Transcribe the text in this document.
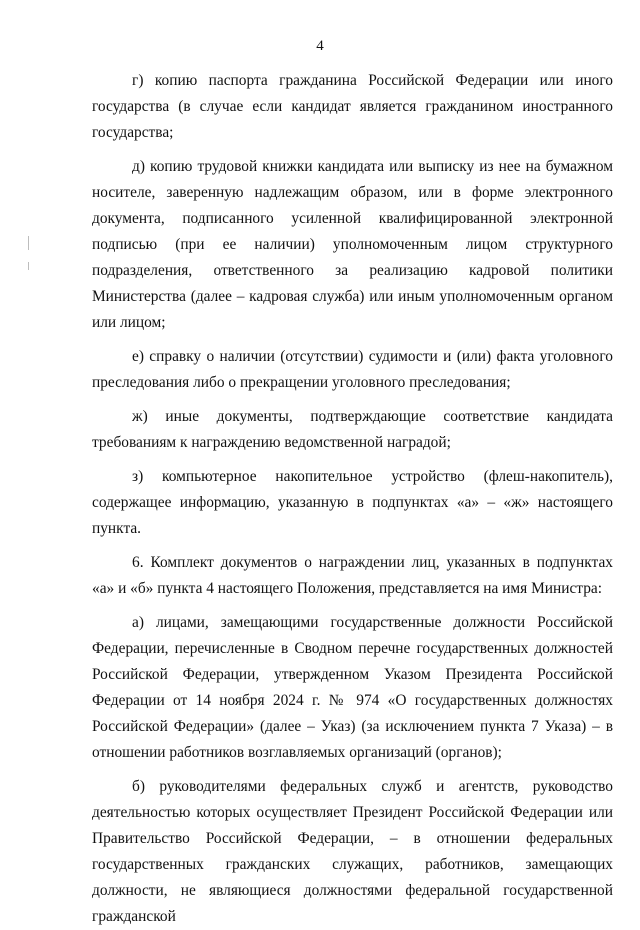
4

г) копию паспорта гражданина Российской Федерации или иного государства (в случае если кандидат является гражданином иностранного государства;

д) копию трудовой книжки кандидата или выписку из нее на бумажном носителе, заверенную надлежащим образом, или в форме электронного документа, подписанного усиленной квалифицированной электронной подписью (при ее наличии) уполномоченным лицом структурного подразделения, ответственного за реализацию кадровой политики Министерства (далее – кадровая служба) или иным уполномоченным органом или лицом;

е) справку о наличии (отсутствии) судимости и (или) факта уголовного преследования либо о прекращении уголовного преследования;

ж) иные документы, подтверждающие соответствие кандидата требованиям к награждению ведомственной наградой;

з) компьютерное накопительное устройство (флеш-накопитель), содержащее информацию, указанную в подпунктах «а» – «ж» настоящего пункта.

6. Комплект документов о награждении лиц, указанных в подпунктах «а» и «б» пункта 4 настоящего Положения, представляется на имя Министра:

а) лицами, замещающими государственные должности Российской Федерации, перечисленные в Сводном перечне государственных должностей Российской Федерации, утвержденном Указом Президента Российской Федерации от 14 ноября 2024 г. № 974 «О государственных должностях Российской Федерации» (далее – Указ) (за исключением пункта 7 Указа) – в отношении работников возглавляемых организаций (органов);

б) руководителями федеральных служб и агентств, руководство деятельностью которых осуществляет Президент Российской Федерации или Правительство Российской Федерации, – в отношении федеральных государственных гражданских служащих, работников, замещающих должности, не являющиеся должностями федеральной государственной гражданской
